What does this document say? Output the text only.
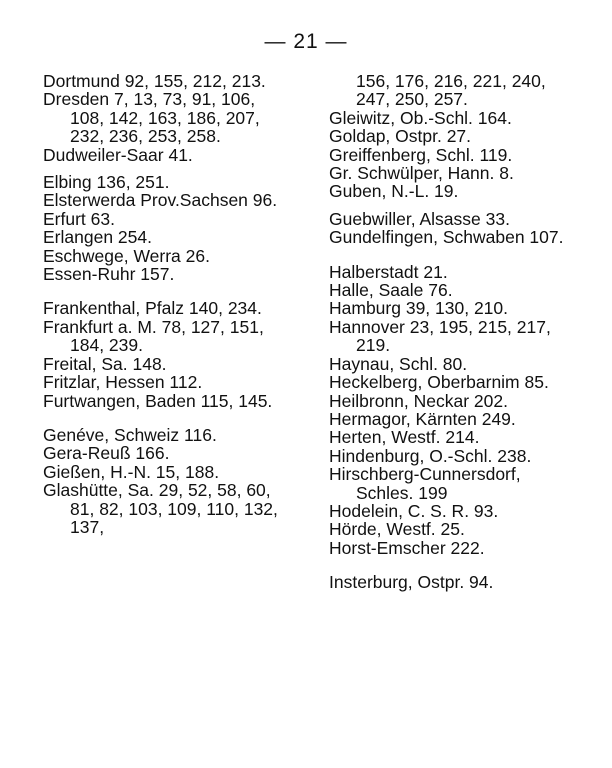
— 21 —

Dortmund 92, 155, 212, 213.

Dresden 7, 13, 73, 91, 106, 108, 142, 163, 186, 207, 232, 236, 253, 258.

Dudweiler-Saar 41.

Elbing 136, 251.

Elsterwerda Prov.Sachsen 96.

Erfurt 63.

Erlangen 254.

Eschwege, Werra 26.

Essen-Ruhr 157.

Frankenthal, Pfalz 140, 234.

Frankfurt a. M. 78, 127, 151, 184, 239.

Freital, Sa. 148.

Fritzlar, Hessen 112.

Furtwangen, Baden 115, 145.

Genéve, Schweiz 116.

Gera-Reuß 166.

Gießen, H.-N. 15, 188.

Glashütte, Sa. 29, 52, 58, 60, 81, 82, 103, 109, 110, 132, 137,

156, 176, 216, 221, 240, 247, 250, 257.

Gleiwitz, Ob.-Schl. 164.

Goldap, Ostpr. 27.

Greiffenberg, Schl. 119.

Gr. Schwülper, Hann. 8.

Guben, N.-L. 19.

Guebwiller, Alsasse 33.

Gundelfingen, Schwaben 107.

Halberstadt 21.

Halle, Saale 76.

Hamburg 39, 130, 210.

Hannover 23, 195, 215, 217, 219.

Haynau, Schl. 80.

Heckelberg, Oberbarnim 85.

Heilbronn, Neckar 202.

Hermagor, Kärnten 249.

Herten, Westf. 214.

Hindenburg, O.-Schl. 238.

Hirschberg-Cunnersdorf, Schles. 199

Hodelein, C. S. R. 93.

Hörde, Westf. 25.

Horst-Emscher 222.

Insterburg, Ostpr. 94.
